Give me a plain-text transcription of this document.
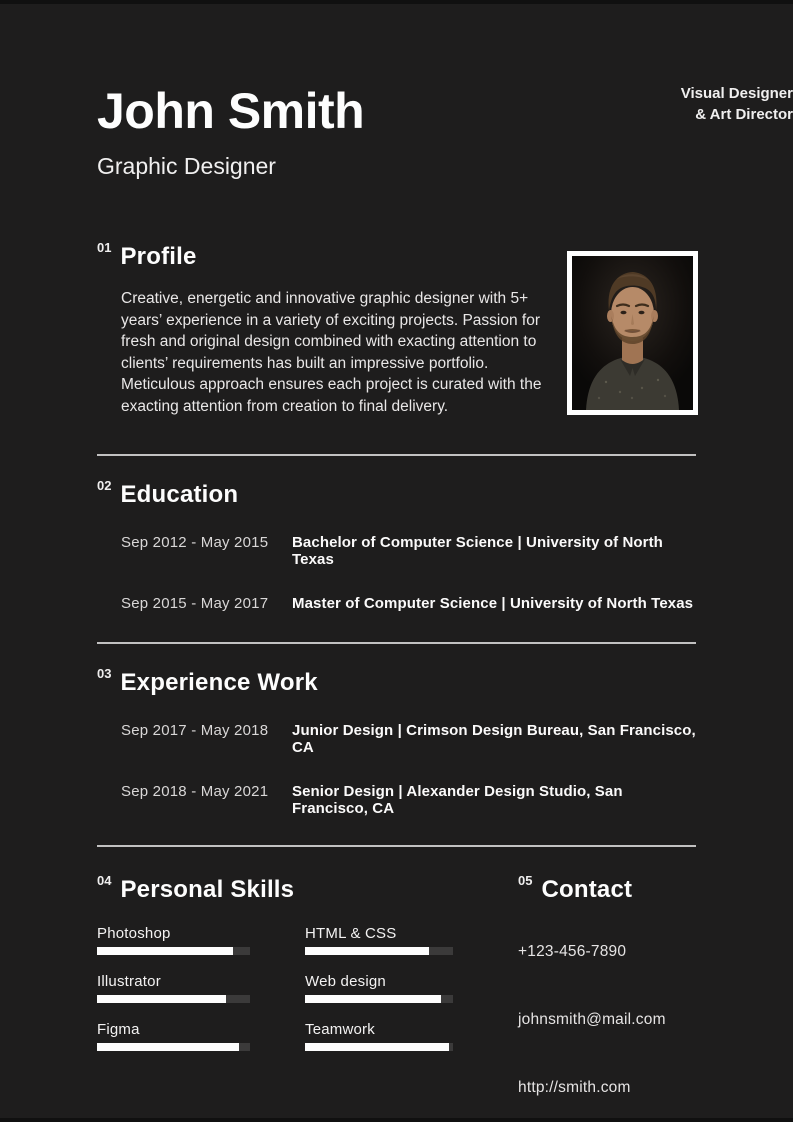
John Smith
Graphic Designer
Visual Designer
& Art Director
01 Profile

Creative, energetic and innovative graphic designer with 5+ years’ experience in a variety of exciting projects. Passion for fresh and original design combined with exacting attention to clients’ requirements has built an impressive portfolio. Meticulous approach ensures each project is curated with the exacting attention from creation to final delivery.

02 Education
Sep 2012 - May 2015	Bachelor of Computer Science | University of North Texas
Sep 2015 - May 2017	Master of Computer Science | University of North Texas
03 Experience Work
Sep 2017 - May 2018	Junior Design | Crimson Design Bureau, San Francisco, CA
Sep 2018 - May 2021	Senior Design | Alexander Design Studio, San Francisco, CA
04 Personal Skills
Photoshop	HTML & CSS
Illustrator	Web design
Figma	Teamwork
05 Contact
+123-456-7890
johnsmith@mail.com
http://smith.com
